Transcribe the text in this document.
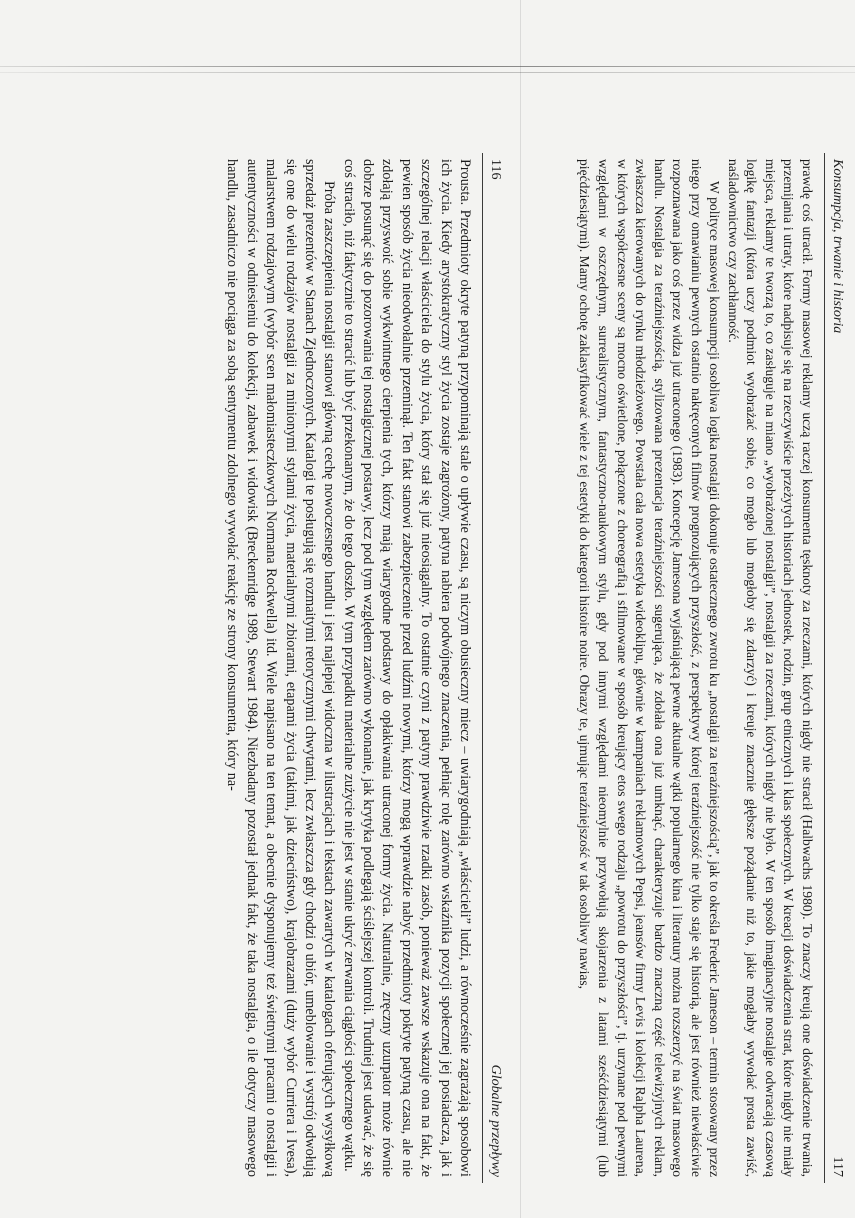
116
Globalne przepływy

Prousta. Przedmioty okryte patyną przypominają stale o upływie czasu, są niczym obusieczny miecz – uwiarygodniają „właścicieli” ludzi, a równocześnie zagrażają sposobowi ich życia. Kiedy arystokratyczny styl życia zostaje zagrożony, patyna nabiera podwójnego znaczenia, pełniąc rolę zarówno wskaźnika pozycji społecznej jej posiadacza, jak i szczególnej relacji właściciela do stylu życia, który stał się już nieosiągalny. To ostatnie czyni z patyny prawdziwie rzadki zasób, ponieważ zawsze wskazuje ona na fakt, że pewien sposób życia nieodwołalnie przeminął. Ten fakt stanowi zabezpieczenie przed ludźmi nowymi, którzy mogą wprawdzie nabyć przedmioty pokryte patyną czasu, ale nie zdołają przyswoić sobie wykwintnego cierpienia tych, którzy mają wiarygodne podstawy do opłakiwania utraconej formy życia. Naturalnie, zręczny uzurpator może równie dobrze posunąć się do pozorowania tej nostalgicznej postawy, lecz pod tym względem zarówno wykonanie, jak krytyka podlegają ściślejszej kontroli. Trudniej jest udawać, że się coś straciło, niż faktycznie to stracić lub być przekonanym, że do tego doszło. W tym przypadku materialne zużycie nie jest w stanie ukryć zerwania ciągłości społecznego wątku.

Próba zaszczepienia nostalgii stanowi główną cechę nowoczesnego handlu i jest najlepiej widoczna w ilustracjach i tekstach zawartych w katalogach oferujących wysyłkową sprzedaż prezentów w Stanach Zjednoczonych. Katalogi te posługują się rozmaitymi retorycznymi chwytami, lecz zwłaszcza gdy chodzi o ubiór, umeblowanie i wystrój odwołują się one do wielu rodzajów nostalgii za minionymi stylami życia, materialnymi zbiorami, etapami życia (takimi, jak dzieciństwo), krajobrazami (duży wybór Curriera i Ivesa), malarstwem rodzajowym (wybór scen małomiasteczkowych Normana Rockwella) itd. Wiele napisano na ten temat, a obecnie dysponujemy też świetnymi pracami o nostalgii i autentyczności w odniesieniu do kolekcji, zabawek i widowisk (Breckenridge 1989, Stewart 1984). Niezbadany pozostał jednak fakt, że taka nostalgia, o ile dotyczy masowego handlu, zasadniczo nie pociąga za sobą sentymentu zdolnego wywołać reakcję ze strony konsumenta, który na-	Konsumpcja, trwanie i historia
117

prawdę coś utracił. Formy masowej reklamy uczą raczej konsumenta tęsknoty za rzeczami, których nigdy nie stracił (Halbwachs 1980). To znaczy kreują one doświadczenie trwania, przemijania i utraty, które nadpisuje się na rzeczywiście przeżytych historiach jednostek, rodzin, grup etnicznych i klas społecznych. W kreacji doświadczenia strat, które nigdy nie miały miejsca, reklamy te tworzą to, co zasługuje na miano „wyobrażonej nostalgii”, nostalgii za rzeczami, których nigdy nie było. W ten sposób imaginacyjne nostalgie odwracają czasową logikę fantazji (która uczy podmiot wyobrażać sobie, co mogło lub mogłoby się zdarzyć) i kreuje znacznie głębsze pożądanie niż to, jakie mogłaby wywołać prosta zawiść, naśladownictwo czy zachłanność.

W polityce masowej konsumpcji osobliwa logika nostalgii dokonuje ostatecznego zwrotu ku „nostalgii za teraźniejszością”, jak to określa Frederic Jameson – termin stosowany przez niego przy omawianiu pewnych ostatnio nakręconych filmów prognozujących przyszłość, z perspektywy której teraźniejszość nie tylko staje się historią, ale jest również niewłaściwie rozpoznawana jako coś przez widza już utraconego (1983). Koncepcję Jamesona wyjaśniającą pewne aktualne wątki popularnego kina i literatury można rozszerzyć na świat masowego handlu. Nostalgia za teraźniejszością, stylizowana prezentacja teraźniejszości sugerująca, że zdołała ona już umknąć, charakteryzuje bardzo znaczną część telewizyjnych reklam, zwłaszcza kierowanych do rynku młodzieżowego. Powstała cała nowa estetyka wideoklipu, głównie w kampaniach reklamowych Pepsi, jeansów firmy Levis i kolekcji Ralpha Laurena, w których współczesne sceny są mocno oświetlone, połączone z choreografią i sfilmowane w sposób kreujący etos swego rodzaju „powrotu do przyszłości”, tj. urzynane pod pewnymi względami w oszczędnym, surrealistycznym, fantastyczno-naukowym stylu, gdy pod innymi względami nieomylnie przywołują skojarzenia z latami sześćdziesiątymi (lub pięćdziesiątymi). Mamy ochotę zaklasyfikować wiele z tej estetyki do kategorii histoire noire. Obrazy te, ujmując teraźniejszość w tak osobliwy nawias,
